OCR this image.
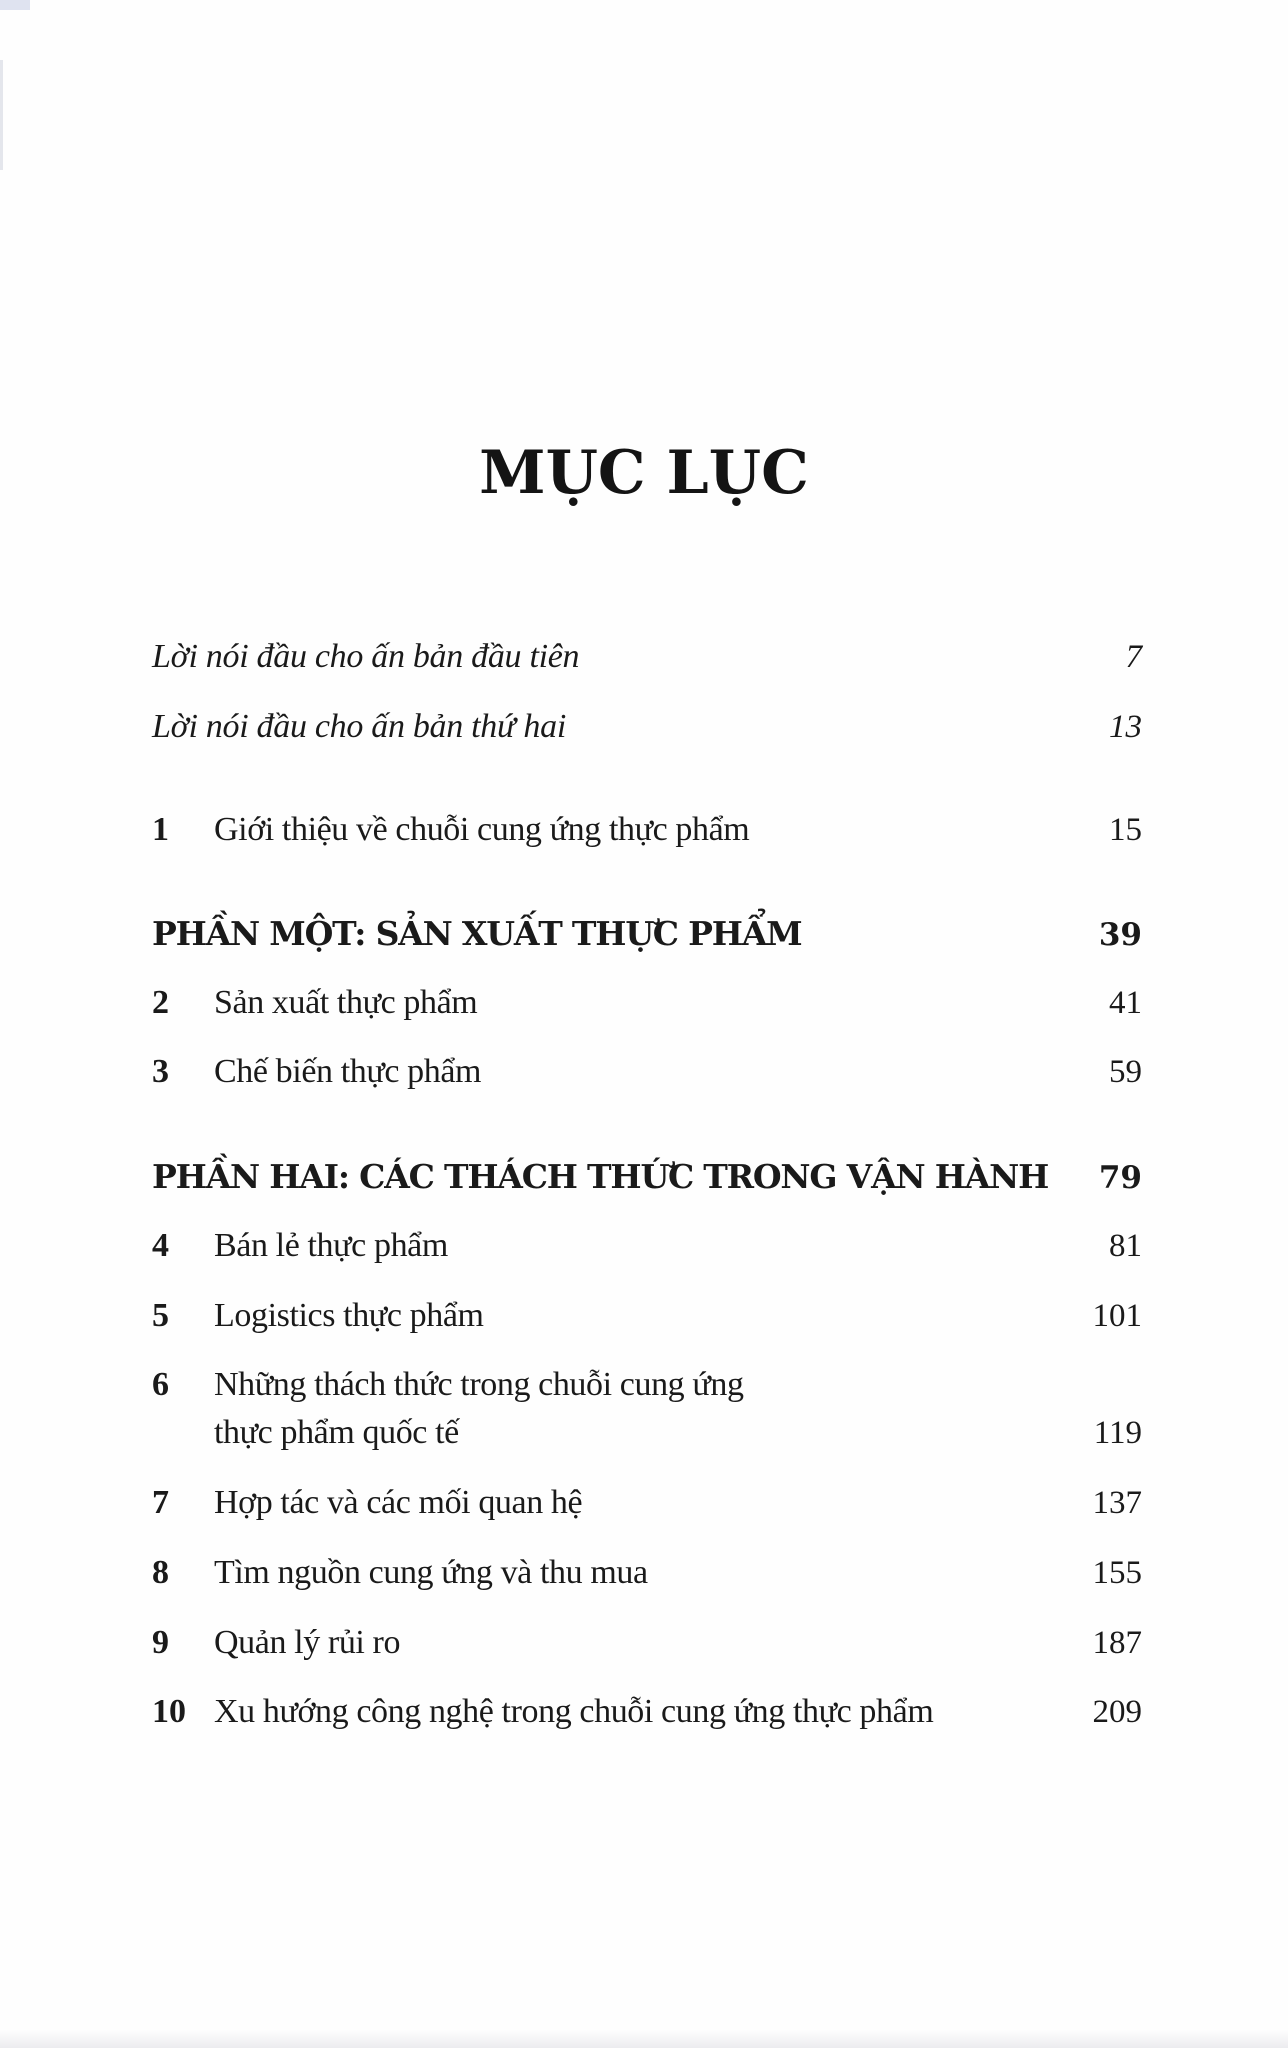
MỤC LỤC
Lời nói đầu cho ấn bản đầu tiên	7
Lời nói đầu cho ấn bản thứ hai	13
1 Giới thiệu về chuỗi cung ứng thực phẩm	15
PHẦN MỘT: SẢN XUẤT THỰC PHẨM	39
2 Sản xuất thực phẩm	41
3 Chế biến thực phẩm	59
PHẦN HAI: CÁC THÁCH THỨC TRONG VẬN HÀNH	79
4 Bán lẻ thực phẩm	81
5 Logistics thực phẩm	101
6	Những thách thức trong chuỗi cung ứng
thực phẩm quốc tế	119
7 Hợp tác và các mối quan hệ	137
8 Tìm nguồn cung ứng và thu mua	155
9 Quản lý rủi ro	187
10 Xu hướng công nghệ trong chuỗi cung ứng thực phẩm	209
